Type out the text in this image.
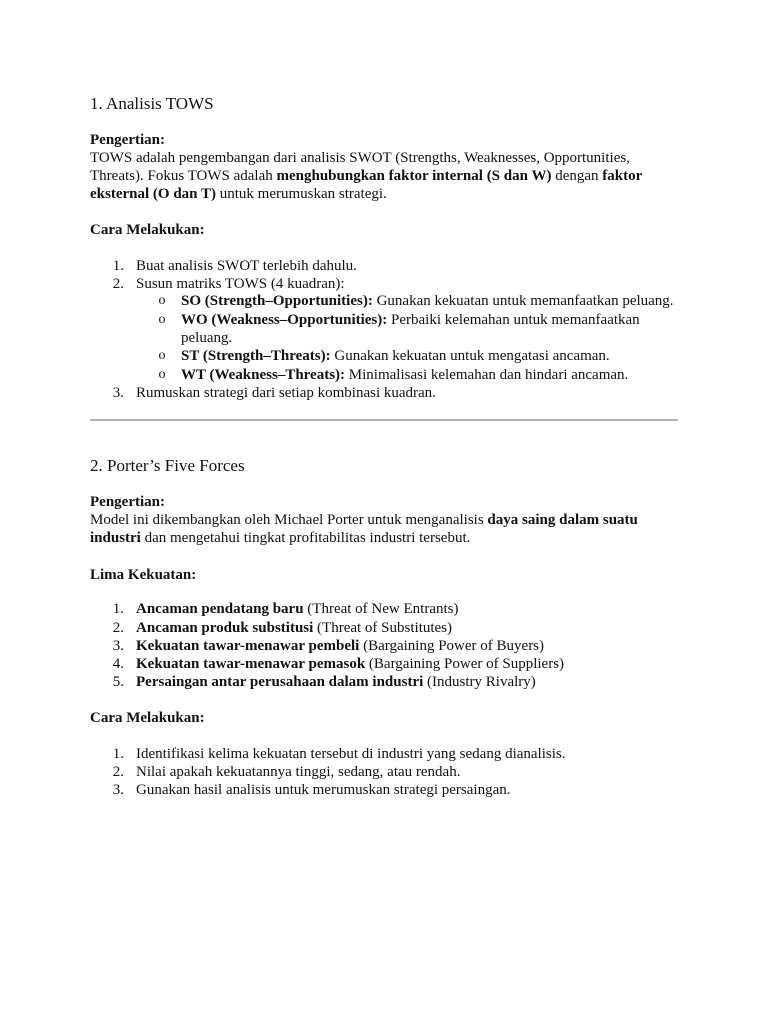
1. Analisis TOWS
Pengertian:
TOWS adalah pengembangan dari analisis SWOT (Strengths, Weaknesses, Opportunities,
Threats). Fokus TOWS adalah menghubungkan faktor internal (S dan W) dengan faktor
eksternal (O dan T) untuk merumuskan strategi.
Cara Melakukan:
1. Buat analisis SWOT terlebih dahulu.
2. Susun matriks TOWS (4 kuadran):
o SO (Strength–Opportunities): Gunakan kekuatan untuk memanfaatkan peluang.
o WO (Weakness–Opportunities): Perbaiki kelemahan untuk memanfaatkan
peluang.
o ST (Strength–Threats): Gunakan kekuatan untuk mengatasi ancaman.
o WT (Weakness–Threats): Minimalisasi kelemahan dan hindari ancaman.
3. Rumuskan strategi dari setiap kombinasi kuadran.
2. Porter’s Five Forces
Pengertian:
Model ini dikembangkan oleh Michael Porter untuk menganalisis daya saing dalam suatu
industri dan mengetahui tingkat profitabilitas industri tersebut.
Lima Kekuatan:
1. Ancaman pendatang baru (Threat of New Entrants)
2. Ancaman produk substitusi (Threat of Substitutes)
3. Kekuatan tawar-menawar pembeli (Bargaining Power of Buyers)
4. Kekuatan tawar-menawar pemasok (Bargaining Power of Suppliers)
5. Persaingan antar perusahaan dalam industri (Industry Rivalry)
Cara Melakukan:
1. Identifikasi kelima kekuatan tersebut di industri yang sedang dianalisis.
2. Nilai apakah kekuatannya tinggi, sedang, atau rendah.
3. Gunakan hasil analisis untuk merumuskan strategi persaingan.
